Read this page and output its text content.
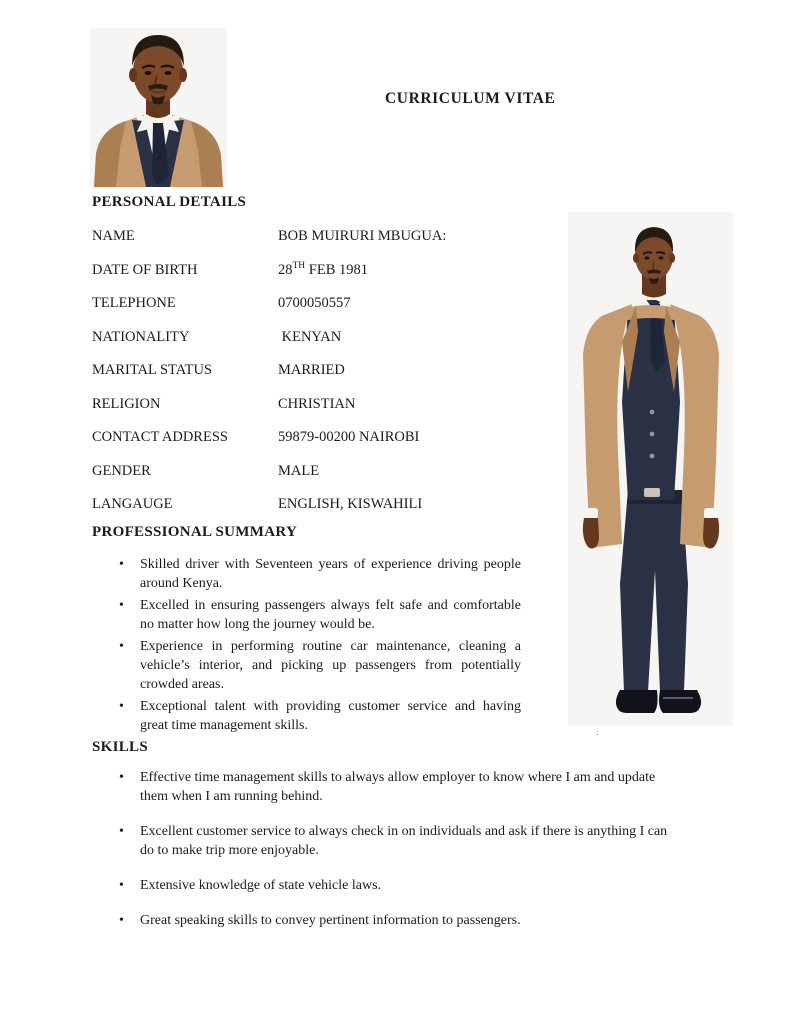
CURRICULUM VITAE
PERSONAL DETAILS
NAME	BOB MUIRURI MBUGUA:
DATE OF BIRTH	28TH FEB 1981
TELEPHONE	0700050557
NATIONALITY	KENYAN
MARITAL STATUS	MARRIED
RELIGION	CHRISTIAN
CONTACT ADDRESS	59879-00200 NAIROBI
GENDER	MALE
LANGAUGE	ENGLISH, KISWAHILI
PROFESSIONAL SUMMARY
• Skilled driver with Seventeen years of experience driving people around Kenya.
• Excelled in ensuring passengers always felt safe and comfortable no matter how long the journey would be.
• Experience in performing routine car maintenance, cleaning a vehicle’s interior, and picking up passengers from potentially crowded areas.
• Exceptional talent with providing customer service and having great time management skills.
SKILLS
• Effective time management skills to always allow employer to know where I am and update them when I am running behind.
• Excellent customer service to always check in on individuals and ask if there is anything I can do to make trip more enjoyable.
• Extensive knowledge of state vehicle laws.
• Great speaking skills to convey pertinent information to passengers.
:
